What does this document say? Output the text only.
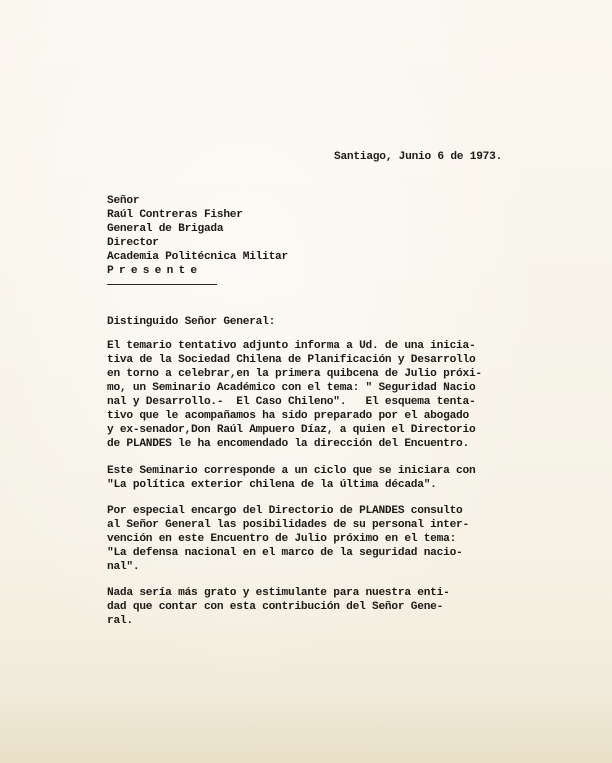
Santiago, Junio 6 de 1973.

Señor

Raúl Contreras Fisher

General de Brigada

Director

Academia Politécnica Militar

Presente

Distinguido Señor General:

El temario tentativo adjunto informa a Ud. de una inicia-

tiva de la Sociedad Chilena de Planificación y Desarrollo

en torno a celebrar,en la primera quibcena de Julio próxi-

mo, un Seminario Académico con el tema: " Seguridad Nacio

nal y Desarrollo.-  El Caso Chileno".   El esquema tenta-

tivo que le acompañamos ha sido preparado por el abogado

y ex-senador,Don Raúl Ampuero Díaz, a quien el Directorio

de PLANDES le ha encomendado la dirección del Encuentro.

Este Seminario corresponde a un ciclo que se iniciara con

"La política exterior chilena de la última década".

Por especial encargo del Directorio de PLANDES consulto

al Señor General las posibilidades de su personal inter-

vención en este Encuentro de Julio próximo en el tema:

"La defensa nacional en el marco de la seguridad nacio-

nal".

Nada sería más grato y estimulante para nuestra enti-

dad que contar con esta contribución del Señor Gene-

ral.
